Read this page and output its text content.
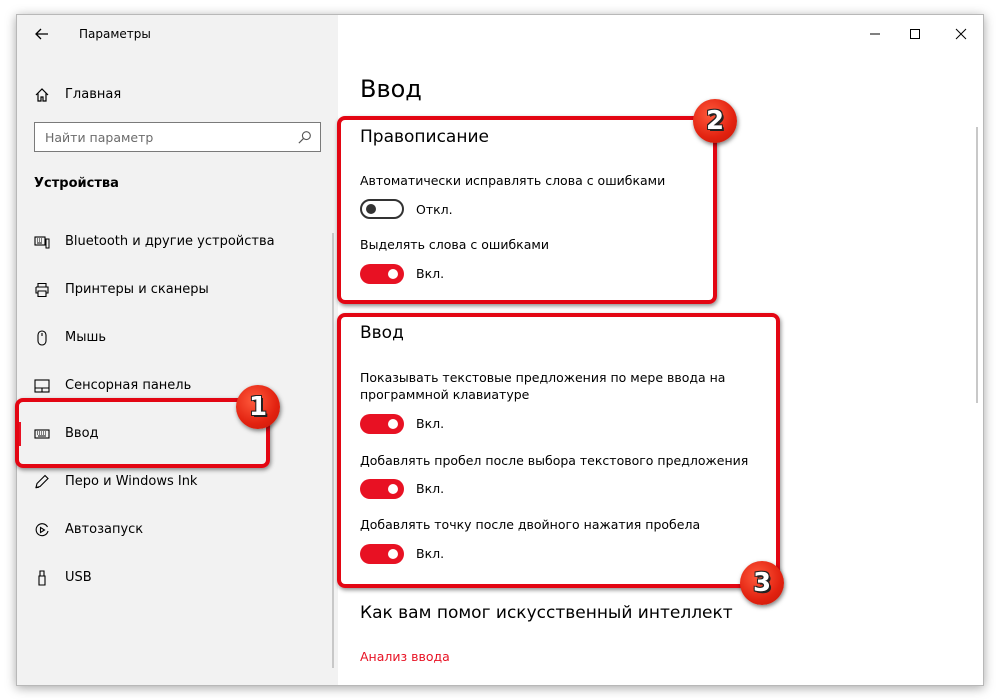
Параметры
Главная
Найти параметр
Устройства
Bluetooth и другие устройства
Принтеры и сканеры
Мышь
Сенсорная панель
Ввод
Перо и Windows Ink
Автозапуск
USB
Ввод
Правописание
Автоматически исправлять слова с ошибками
Откл.
Выделять слова с ошибками
Вкл.
Ввод
Показывать текстовые предложения по мере ввода на программной клавиатуре
Вкл.
Добавлять пробел после выбора текстового предложения
Вкл.
Добавлять точку после двойного нажатия пробела
Вкл.
Как вам помог искусственный интеллект
Анализ ввода
1
2
3
